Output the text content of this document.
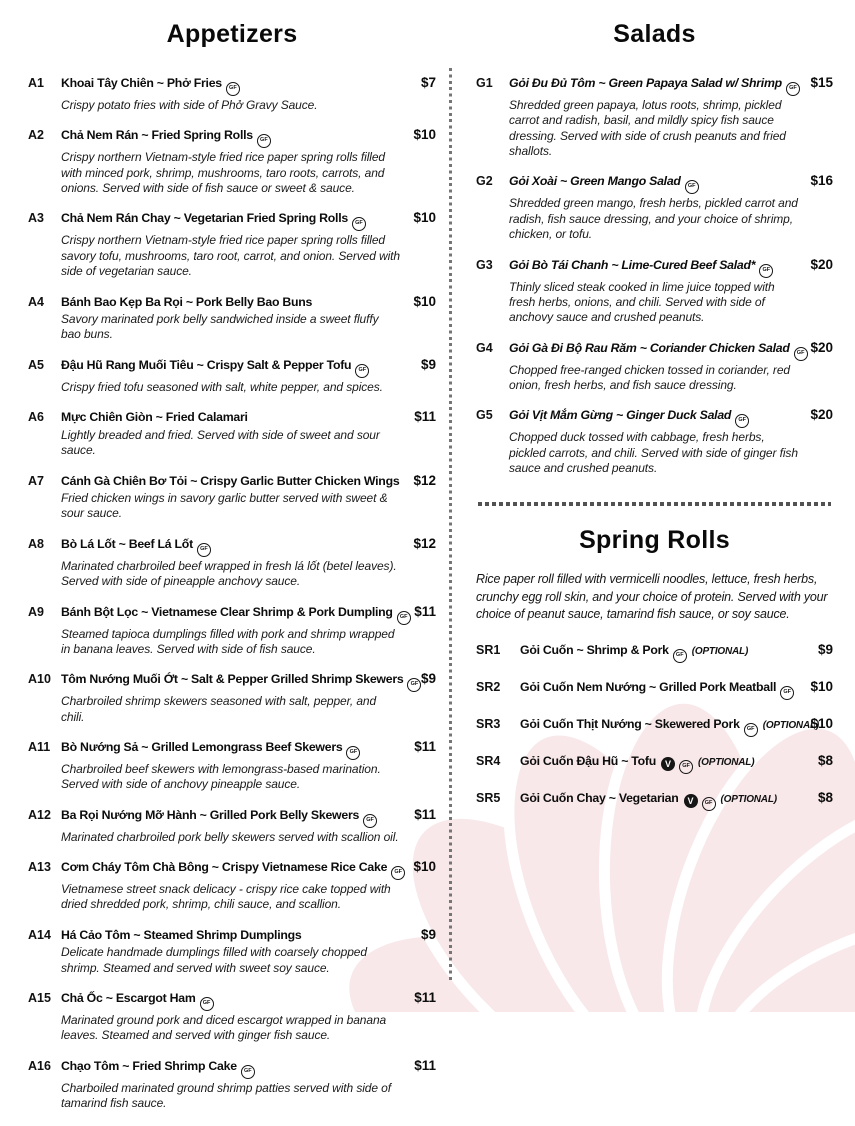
Appetizers
A1	Khoai Tây Chiên ~ Phở Fries GF
Crispy potato fries with side of Phở Gravy Sauce.
$7
A2	Chả Nem Rán ~ Fried Spring Rolls GF
Crispy northern Vietnam-style fried rice paper spring rolls filled with minced pork, shrimp, mushrooms, taro roots, carrots, and onions. Served with side of fish sauce or sweet & sauce.
$10
A3	Chả Nem Rán Chay ~ Vegetarian Fried Spring Rolls GF
Crispy northern Vietnam-style fried rice paper spring rolls filled savory tofu, mushrooms, taro root, carrot, and onion. Served with side of vegetarian sauce.
$10
A4	Bánh Bao Kẹp Ba Rọi ~ Pork Belly Bao Buns
Savory marinated pork belly sandwiched inside a sweet fluffy bao buns.
$10
A5	Đậu Hũ Rang Muối Tiêu ~ Crispy Salt & Pepper Tofu GF
Crispy fried tofu seasoned with salt, white pepper, and spices.
$9
A6	Mực Chiên Giòn ~ Fried Calamari
Lightly breaded and fried. Served with side of sweet and sour sauce.
$11
A7	Cánh Gà Chiên Bơ Tỏi ~ Crispy Garlic Butter Chicken Wings
Fried chicken wings in savory garlic butter served with sweet & sour sauce.
$12
A8	Bò Lá Lốt ~ Beef Lá Lốt GF
Marinated charbroiled beef wrapped in fresh lá lốt (betel leaves). Served with side of pineapple anchovy sauce.
$12
A9	Bánh Bột Lọc ~ Vietnamese Clear Shrimp & Pork Dumpling GF
Steamed tapioca dumplings filled with pork and shrimp wrapped in banana leaves. Served with side of fish sauce.
$11
A10 Tôm Nướng Muối Ớt ~ Salt & Pepper Grilled Shrimp Skewers GF
Charbroiled shrimp skewers seasoned with salt, pepper, and chili.
$9
A11 Bò Nướng Sả ~ Grilled Lemongrass Beef Skewers GF
Charbroiled beef skewers with lemongrass-based marination. Served with side of anchovy pineapple sauce.
$11
A12 Ba Rọi Nướng Mỡ Hành ~ Grilled Pork Belly Skewers GF
Marinated charbroiled pork belly skewers served with scallion oil.
$11
A13 Cơm Cháy Tôm Chà Bông ~ Crispy Vietnamese Rice Cake GF
Vietnamese street snack delicacy - crispy rice cake topped with dried shredded pork, shrimp, chili sauce, and scallion.
$10
A14 Há Cảo Tôm ~ Steamed Shrimp Dumplings
Delicate handmade dumplings filled with coarsely chopped shrimp. Steamed and served with sweet soy sauce.
$9
A15 Chả Ốc ~ Escargot Ham GF
Marinated ground pork and diced escargot wrapped in banana leaves. Steamed and served with ginger fish sauce.
$11
A16 Chạo Tôm ~ Fried Shrimp Cake GF
Charboiled marinated ground shrimp patties served with side of tamarind fish sauce.
$11
Salads
G1	Gỏi Đu Đủ Tôm ~ Green Papaya Salad w/ Shrimp GF
Shredded green papaya, lotus roots, shrimp, pickled carrot and radish, basil, and mildly spicy fish sauce dressing. Served with side of crush peanuts and fried shallots.
$15
G2	Gỏi Xoài ~ Green Mango Salad GF
Shredded green mango, fresh herbs, pickled carrot and radish, fish sauce dressing, and your choice of shrimp, chicken, or tofu.
$16
G3	Gỏi Bò Tái Chanh ~ Lime-Cured Beef Salad* GF
Thinly sliced steak cooked in lime juice topped with fresh herbs, onions, and chili. Served with side of anchovy sauce and crushed peanuts.
$20
G4	Gỏi Gà Đi Bộ Rau Răm ~ Coriander Chicken Salad GF
Chopped free-ranged chicken tossed in coriander, red onion, fresh herbs, and fish sauce dressing.
$20
G5	Gỏi Vịt Mắm Gừng ~ Ginger Duck Salad GF
Chopped duck tossed with cabbage, fresh herbs, pickled carrots, and chili. Served with side of ginger fish sauce and crushed peanuts.
$20
Spring Rolls
Rice paper roll filled with vermicelli noodles, lettuce, fresh herbs, crunchy egg roll skin, and your choice of protein. Served with your choice of peanut sauce, tamarind fish sauce, or soy sauce.
SR1	Gỏi Cuốn ~ Shrimp & Pork GF (OPTIONAL)	$9
SR2	Gỏi Cuốn Nem Nướng ~ Grilled Pork Meatball GF	$10
SR3	Gỏi Cuốn Thịt Nướng ~ Skewered Pork GF (OPTIONAL)
$10
SR4	Gỏi Cuốn Đậu Hũ ~ Tofu V GF (OPTIONAL)	$8
SR5	Gỏi Cuốn Chay ~ Vegetarian V GF (OPTIONAL)	$8
